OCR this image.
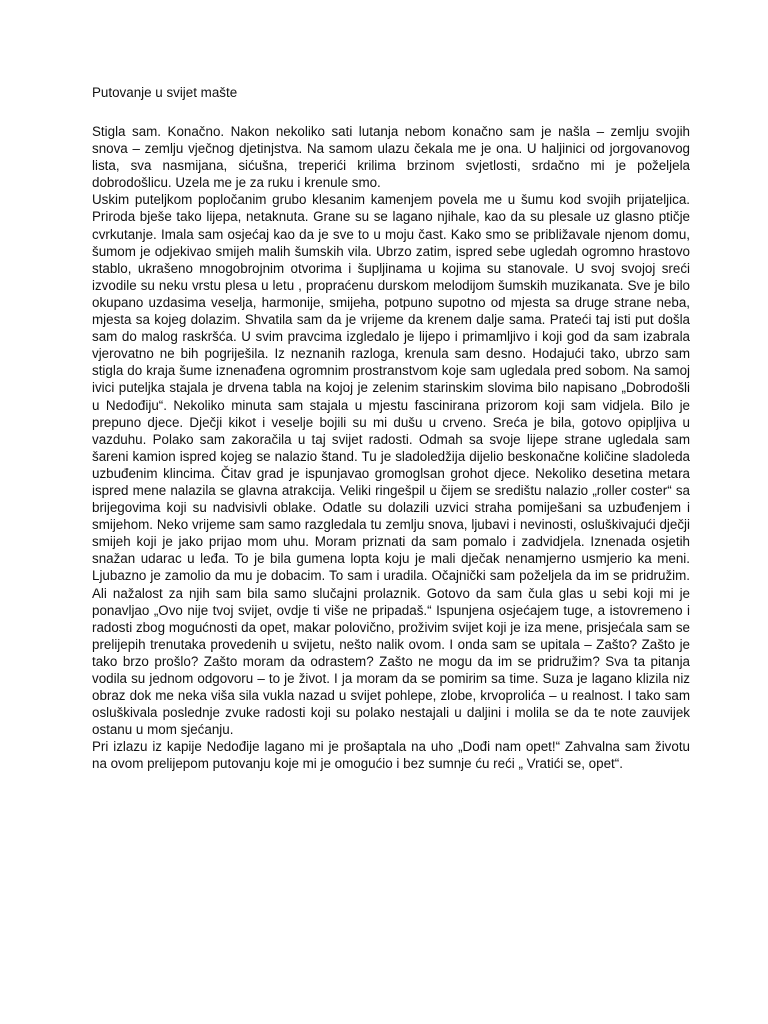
Putovanje u svijet mašte

Stigla sam. Konačno. Nakon nekoliko sati lutanja nebom konačno sam je našla – zemlju svojih snova – zemlju vječnog djetinjstva. Na samom ulazu čekala me je ona. U haljinici od jorgovanovog lista, sva nasmijana, sićušna, treperići krilima brzinom svjetlosti, srdačno mi je poželjela dobrodošlicu. Uzela me je za ruku i krenule smo.

Uskim puteljkom popločanim grubo klesanim kamenjem povela me u šumu kod svojih prijateljica. Priroda bješe tako lijepa, netaknuta. Grane su se lagano njihale, kao da su plesale uz glasno ptičje cvrkutanje. Imala sam osjećaj kao da je sve to u moju čast. Kako smo se približavale njenom domu, šumom je odjekivao smijeh malih šumskih vila. Ubrzo zatim, ispred sebe ugledah ogromno hrastovo stablo, ukrašeno mnogobrojnim otvorima i šupljinama u kojima su stanovale. U svoj svojoj sreći izvodile su neku vrstu plesa u letu , propraćenu durskom melodijom šumskih muzikanata. Sve je bilo okupano uzdasima veselja, harmonije, smijeha, potpuno supotno od mjesta sa druge strane neba, mjesta sa kojeg dolazim. Shvatila sam da je vrijeme da krenem dalje sama. Prateći taj isti put došla sam do malog raskršća. U svim pravcima izgledalo je lijepo i primamljivo i koji god da sam izabrala vjerovatno ne bih pogriješila. Iz neznanih razloga, krenula sam desno. Hodajući tako, ubrzo sam stigla do kraja šume iznenađena ogromnim prostranstvom koje sam ugledala pred sobom. Na samoj ivici puteljka stajala je drvena tabla na kojoj je zelenim starinskim slovima bilo napisano „Dobrodošli u Nedođiju“. Nekoliko minuta sam stajala u mjestu fascinirana prizorom koji sam vidjela. Bilo je prepuno djece. Dječji kikot i veselje bojili su mi dušu u crveno. Sreća je bila, gotovo opipljiva u vazduhu. Polako sam zakoračila u taj svijet radosti. Odmah sa svoje lijepe strane ugledala sam šareni kamion ispred kojeg se nalazio štand. Tu je sladoledžija dijelio beskonačne količine sladoleda uzbuđenim klincima. Čitav grad je ispunjavao gromoglsan grohot djece. Nekoliko desetina metara ispred mene nalazila se glavna atrakcija. Veliki ringešpil u čijem se središtu nalazio „roller coster“ sa brijegovima koji su nadvisivli oblake. Odatle su dolazili uzvici straha pomiješani sa uzbuđenjem i smijehom. Neko vrijeme sam samo razgledala tu zemlju snova, ljubavi i nevinosti, osluškivajući dječji smijeh koji je jako prijao mom uhu. Moram priznati da sam pomalo i zadvidjela. Iznenada osjetih snažan udarac u leđa. To je bila gumena lopta koju je mali dječak nenamjerno usmjerio ka meni. Ljubazno je zamolio da mu je dobacim. To sam i uradila. Očajnički sam poželjela da im se pridružim. Ali nažalost za njih sam bila samo slučajni prolaznik. Gotovo da sam čula glas u sebi koji mi je ponavljao „Ovo nije tvoj svijet, ovdje ti više ne pripadaš.“ Ispunjena osjećajem tuge, a istovremeno i radosti zbog mogućnosti da opet, makar polovično, proživim svijet koji je iza mene, prisjećala sam se prelijepih trenutaka provedenih u svijetu, nešto nalik ovom. I onda sam se upitala – Zašto? Zašto je tako brzo prošlo? Zašto moram da odrastem? Zašto ne mogu da im se pridružim? Sva ta pitanja vodila su jednom odgovoru – to je život. I ja moram da se pomirim sa time. Suza je lagano klizila niz obraz dok me neka viša sila vukla nazad u svijet pohlepe, zlobe, krvoprolića – u realnost. I tako sam osluškivala poslednje zvuke radosti koji su polako nestajali u daljini i molila se da te note zauvijek ostanu u mom sjećanju.

Pri izlazu iz kapije Nedođije lagano mi je prošaptala na uho „Dođi nam opet!“ Zahvalna sam životu na ovom prelijepom putovanju koje mi je omogućio i bez sumnje ću reći „ Vratići se, opet“.
